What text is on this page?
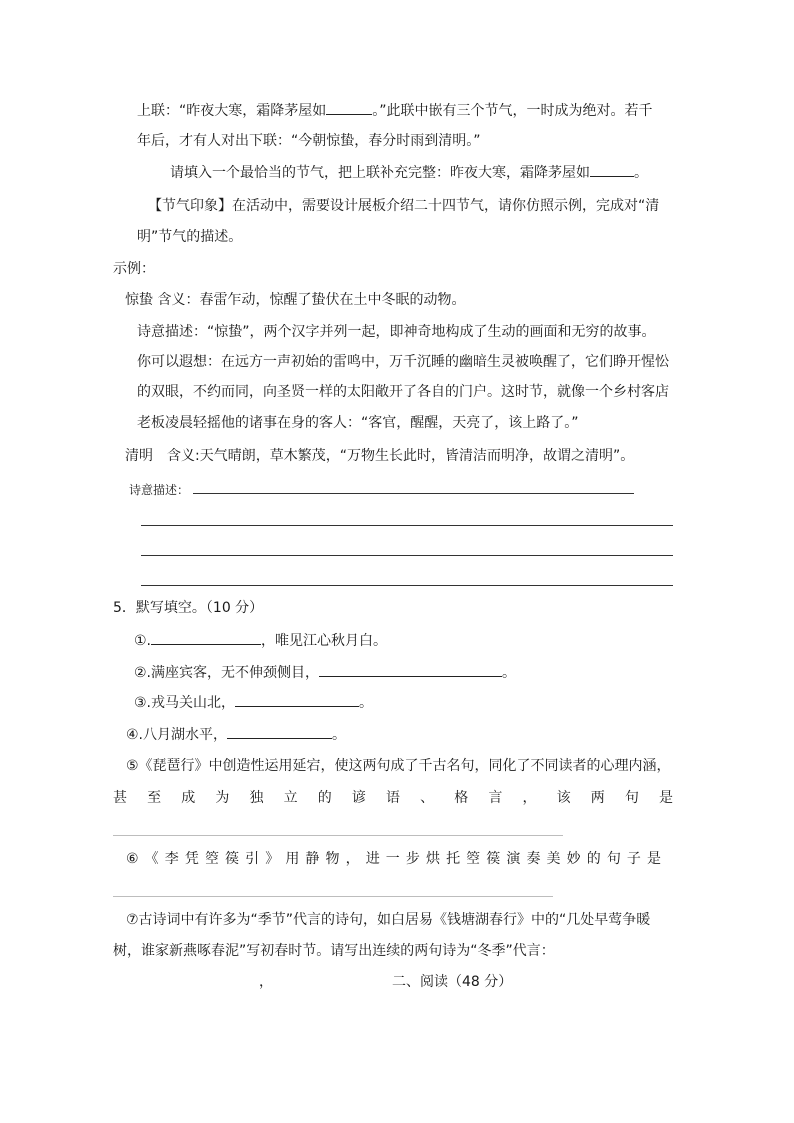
上联：“昨夜大寒，霜降茅屋如	。”此联中嵌有三个节气，一时成为绝对。若千
年后，才有人对出下联：“今朝惊蛰，春分时雨到清明。”
请填入一个最恰当的节气，把上联补充完整：昨夜大寒，霜降茅屋如	。
【节气印象】在活动中，需要设计展板介绍二十四节气，请你仿照示例，完成对“清
明”节气的描述。
示例：
惊蛰 含义：春雷乍动，惊醒了蛰伏在土中冬眠的动物。
诗意描述：“惊蛰”，两个汉字并列一起，即神奇地构成了生动的画面和无穷的故事。
你可以遐想：在远方一声初始的雷鸣中，万千沉睡的幽暗生灵被唤醒了，它们睁开惺忪
的双眼，不约而同，向圣贤一样的太阳敞开了各自的门户。这时节，就像一个乡村客店
老板凌晨轻摇他的诸事在身的客人：“客官，醒醒，天亮了，该上路了。”
清明　含义:天气晴朗，草木繁茂，“万物生长此时，皆清洁而明净，故谓之清明”。
诗意描述：
5．默写填空。（10 分）
①.	，唯见江心秋月白。
②.满座宾客，无不伸颈侧目，	。
③.戎马关山北，	。
④.八月湖水平，	。
⑤《琵琶行》中创造性运用延宕，使这两句成了千古名句，同化了不同读者的心理内涵，
甚 至 成 为 独 立 的 谚 语 、 格 言 ， 该 两 句 是
⑥ 《 李 凭 箜 篌 引 》 用 静 物 ， 进 一 步 烘 托 箜 篌 演 奏 美 妙 的 句 子 是
⑦古诗词中有许多为“季节”代言的诗句，如白居易《钱塘湖春行》中的“几处早莺争暖
树，谁家新燕啄春泥”写初春时节。请写出连续的两句诗为“冬季”代言：
，	二、阅读（48 分）
